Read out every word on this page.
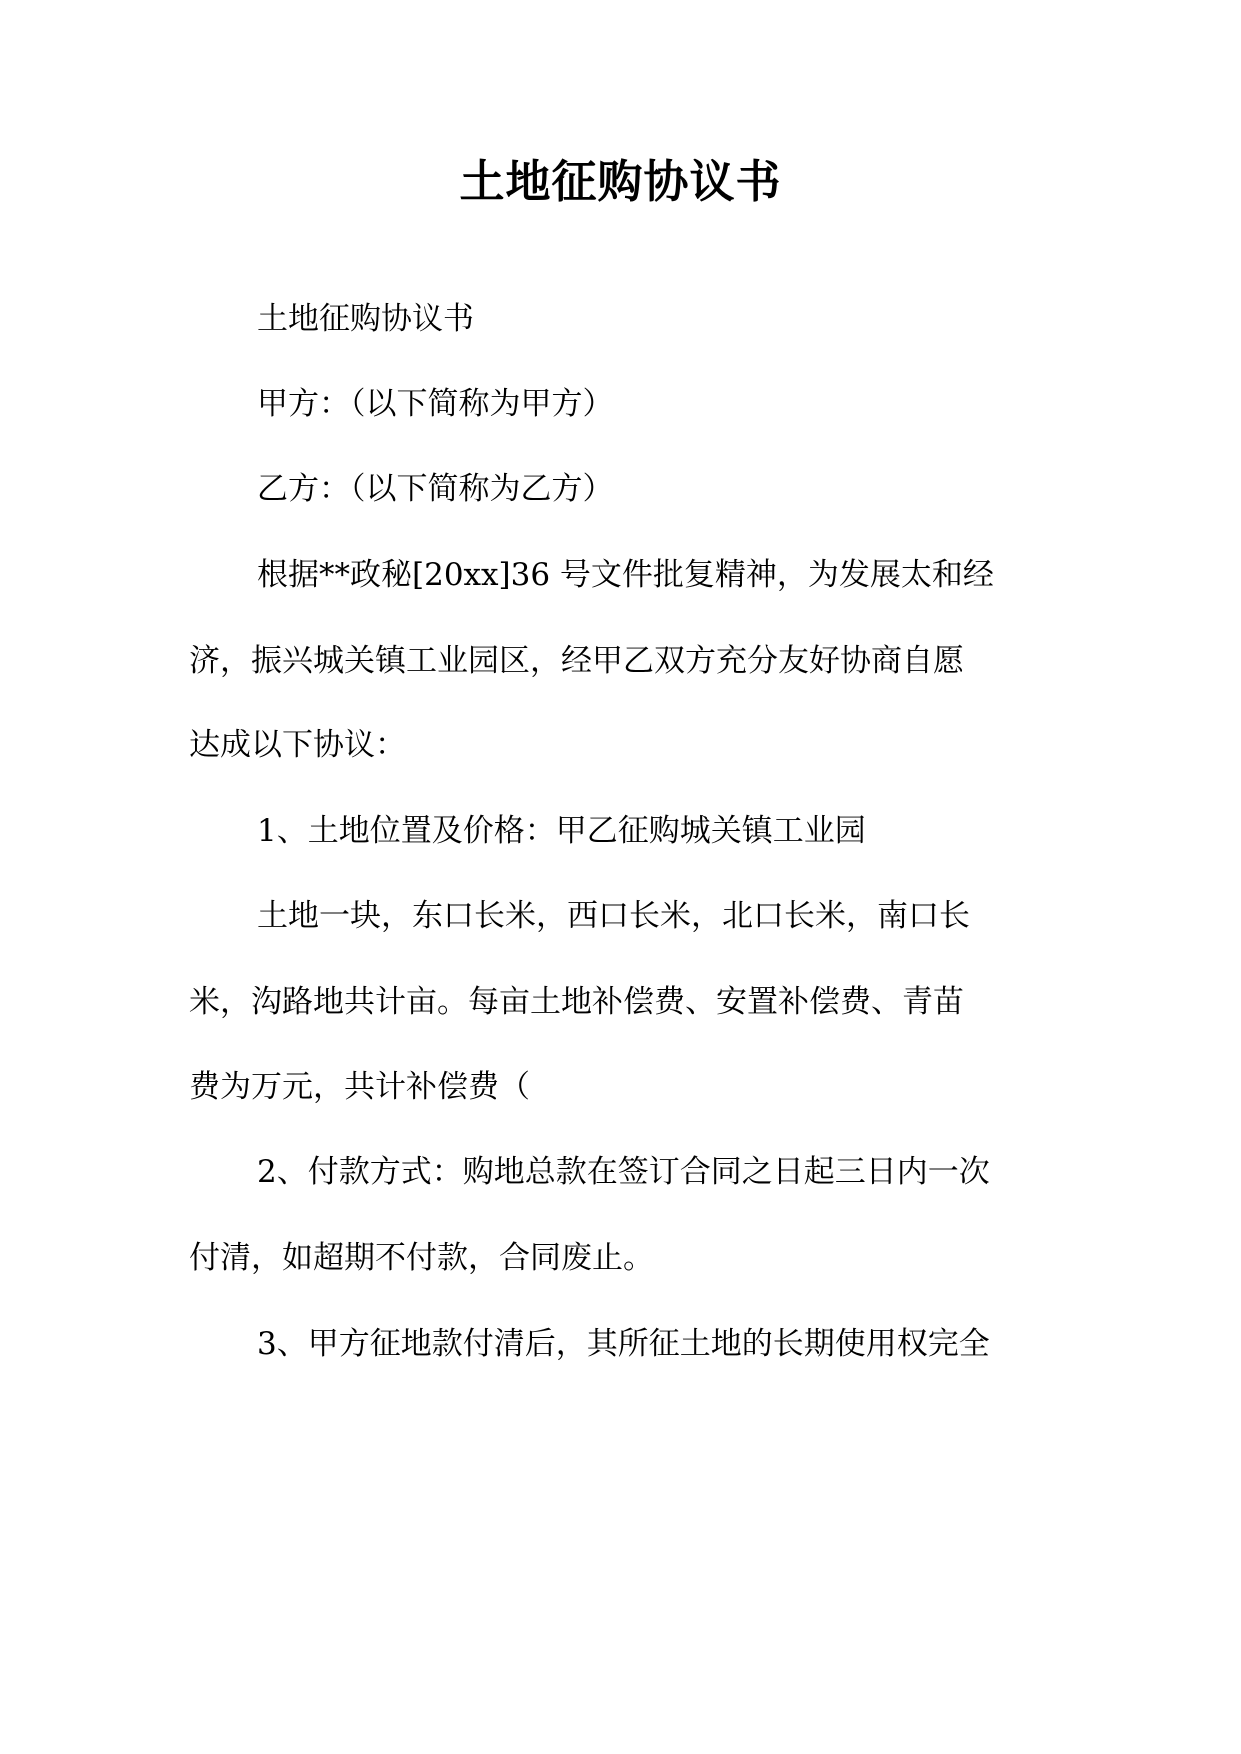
土地征购协议书

土地征购协议书

甲方：（以下简称为甲方）

乙方：（以下简称为乙方）

根据**政秘[20xx]36 号文件批复精神，为发展太和经

济，振兴城关镇工业园区，经甲乙双方充分友好协商自愿

达成以下协议：

1、土地位置及价格：甲乙征购城关镇工业园

土地一块，东口长米，西口长米，北口长米，南口长

米，沟路地共计亩。每亩土地补偿费、安置补偿费、青苗

费为万元，共计补偿费（

2、付款方式：购地总款在签订合同之日起三日内一次

付清，如超期不付款，合同废止。

3、甲方征地款付清后，其所征土地的长期使用权完全
